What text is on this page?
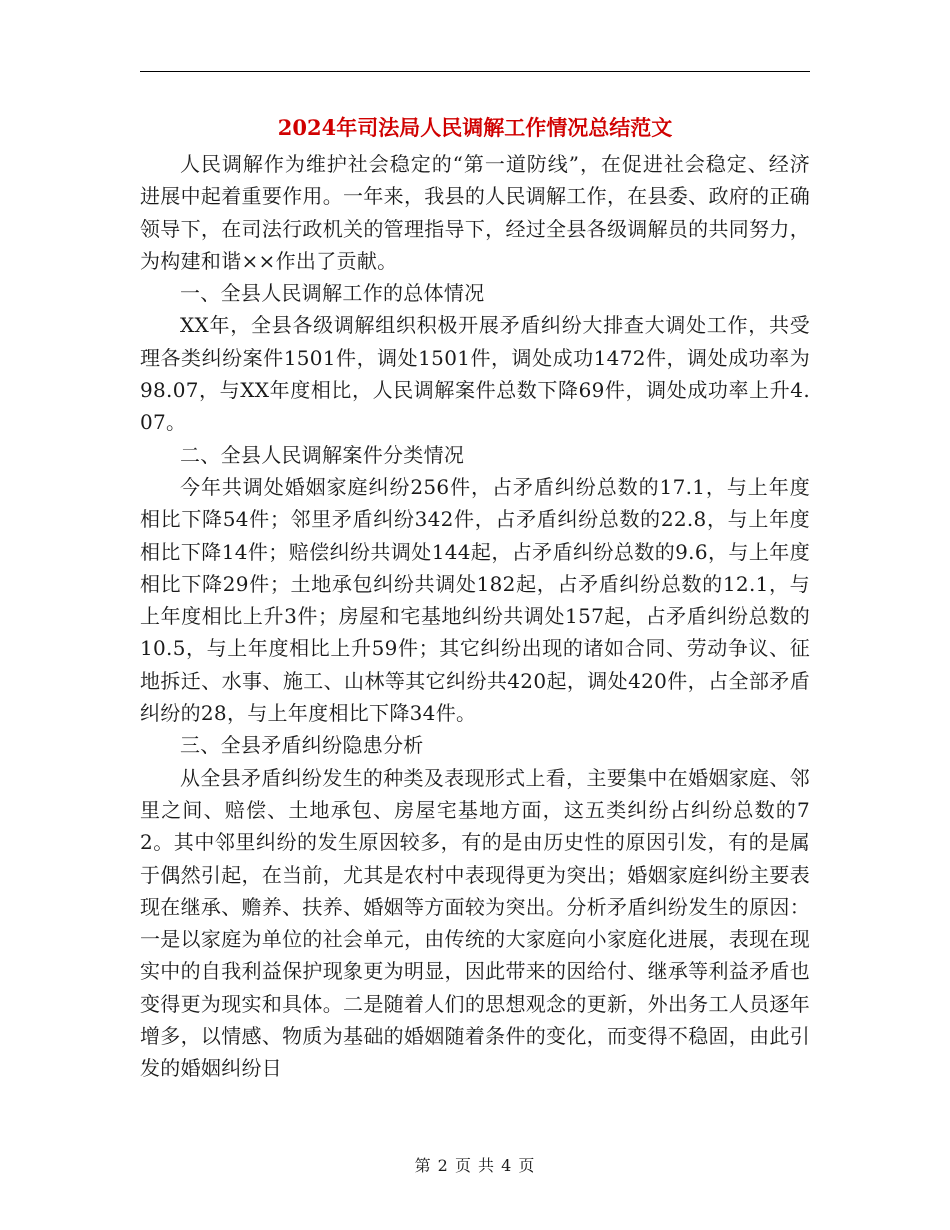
2024年司法局人民调解工作情况总结范文

人民调解作为维护社会稳定的“第一道防线”，在促进社会稳定、经济进展中起着重要作用。一年来，我县的人民调解工作，在县委、政府的正确领导下，在司法行政机关的管理指导下，经过全县各级调解员的共同努力，为构建和谐××作出了贡献。

一、全县人民调解工作的总体情况

XX年，全县各级调解组织积极开展矛盾纠纷大排查大调处工作，共受理各类纠纷案件1501件，调处1501件，调处成功1472件，调处成功率为98.07，与XX年度相比，人民调解案件总数下降69件，调处成功率上升4.07。

二、全县人民调解案件分类情况

今年共调处婚姻家庭纠纷256件，占矛盾纠纷总数的17.1，与上年度相比下降54件；邻里矛盾纠纷342件，占矛盾纠纷总数的22.8，与上年度相比下降14件；赔偿纠纷共调处144起，占矛盾纠纷总数的9.6，与上年度相比下降29件；土地承包纠纷共调处182起，占矛盾纠纷总数的12.1，与上年度相比上升3件；房屋和宅基地纠纷共调处157起，占矛盾纠纷总数的10.5，与上年度相比上升59件；其它纠纷出现的诸如合同、劳动争议、征地拆迁、水事、施工、山林等其它纠纷共420起，调处420件，占全部矛盾纠纷的28，与上年度相比下降34件。

三、全县矛盾纠纷隐患分析

从全县矛盾纠纷发生的种类及表现形式上看，主要集中在婚姻家庭、邻里之间、赔偿、土地承包、房屋宅基地方面，这五类纠纷占纠纷总数的72。其中邻里纠纷的发生原因较多，有的是由历史性的原因引发，有的是属于偶然引起，在当前，尤其是农村中表现得更为突出；婚姻家庭纠纷主要表现在继承、赡养、扶养、婚姻等方面较为突出。分析矛盾纠纷发生的原因：一是以家庭为单位的社会单元，由传统的大家庭向小家庭化进展，表现在现实中的自我利益保护现象更为明显，因此带来的因给付、继承等利益矛盾也变得更为现实和具体。二是随着人们的思想观念的更新，外出务工人员逐年增多，以情感、物质为基础的婚姻随着条件的变化，而变得不稳固，由此引发的婚姻纠纷日

第 2 页 共 4 页
